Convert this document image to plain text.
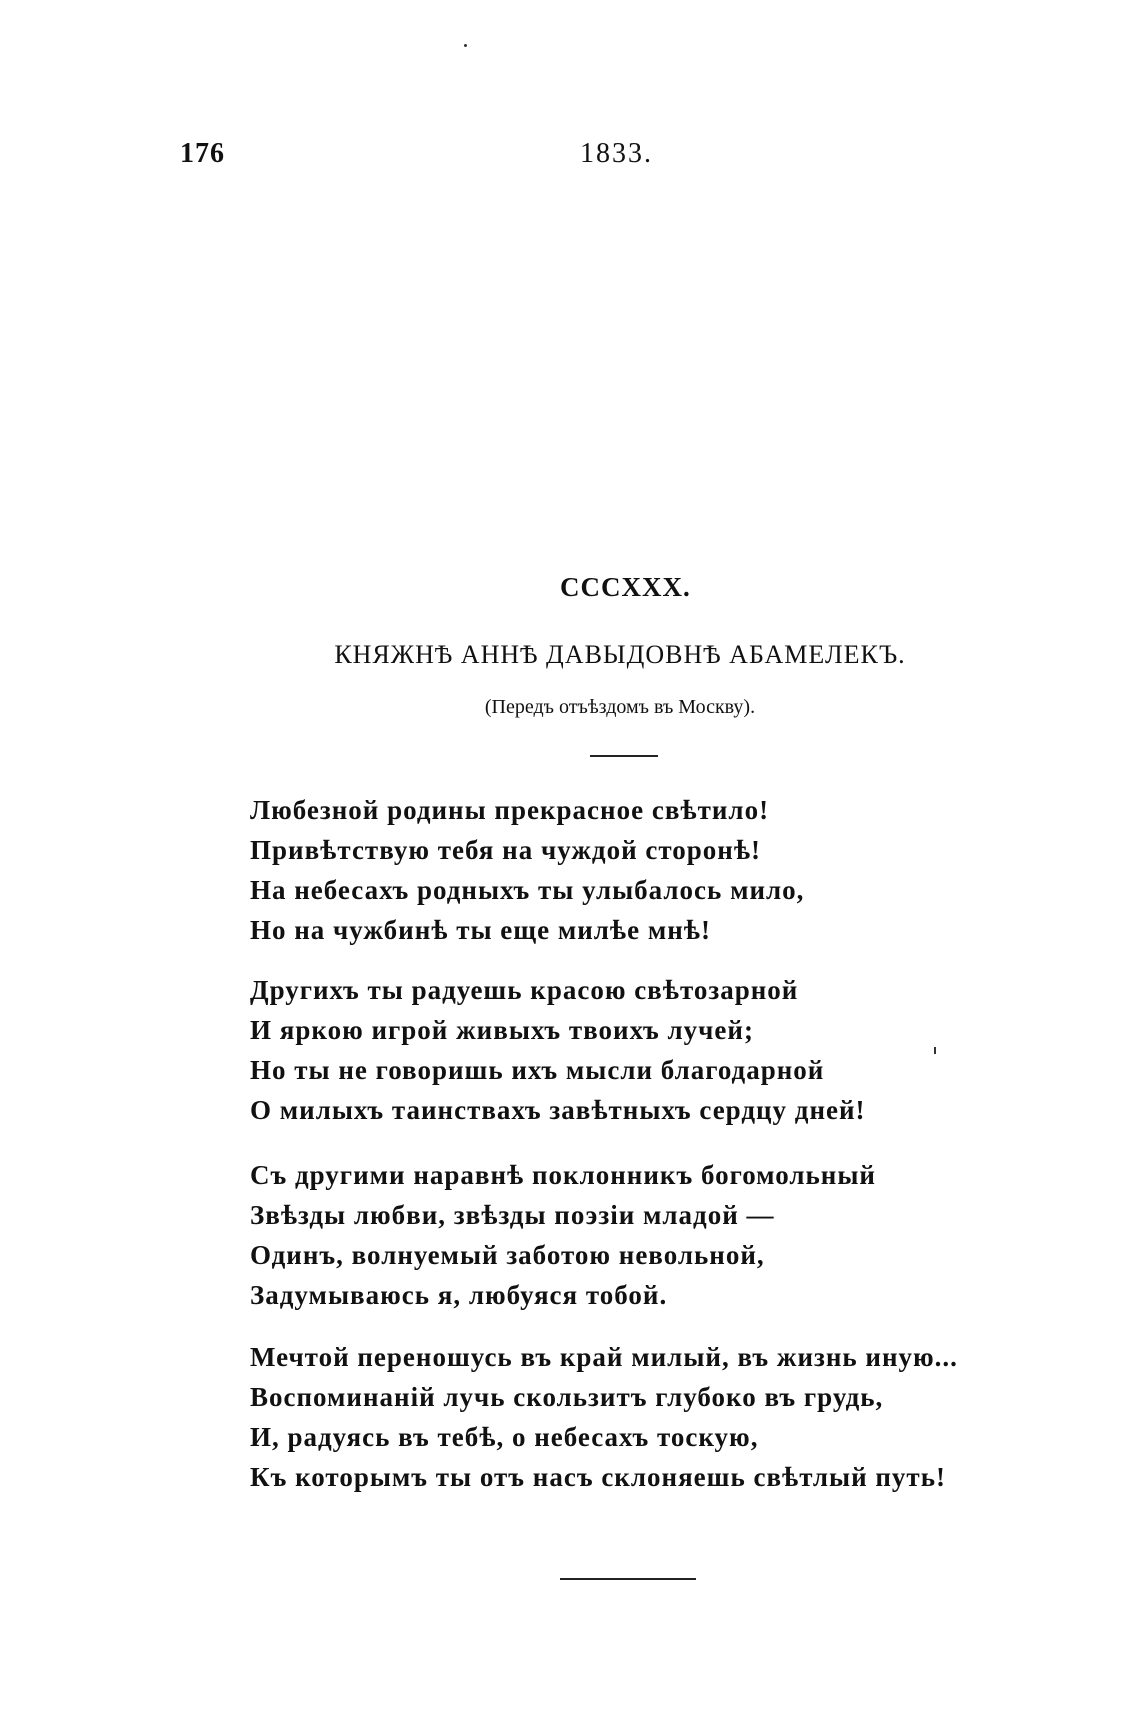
176	1833.
СССXXX.
КНЯЖНѢ АННѢ ДАВЫДОВНѢ АБАМЕЛЕКЪ.
(Передъ отъѣздомъ въ Москву).
Любезной родины прекрасное свѣтило!
Привѣтствую тебя на чуждой сторонѣ!
На небесахъ родныхъ ты улыбалось мило,
Но на чужбинѣ ты еще милѣе мнѣ!
Другихъ ты радуешь красою свѣтозарной
И яркою игрой живыхъ твоихъ лучей;
Но ты не говоришь ихъ мысли благодарной
О милыхъ таинствахъ завѣтныхъ сердцу дней!
Съ другими наравнѣ поклонникъ богомольный
Звѣзды любви, звѣзды поэзіи младой —
Одинъ, волнуемый заботою невольной,
Задумываюсь я, любуяся тобой.
Мечтой переношусь въ край милый, въ жизнь иную...
Воспоминаній лучь скользитъ глубоко въ грудь,
И, радуясь въ тебѣ, о небесахъ тоскую,
Къ которымъ ты отъ насъ склоняешь свѣтлый путь!
